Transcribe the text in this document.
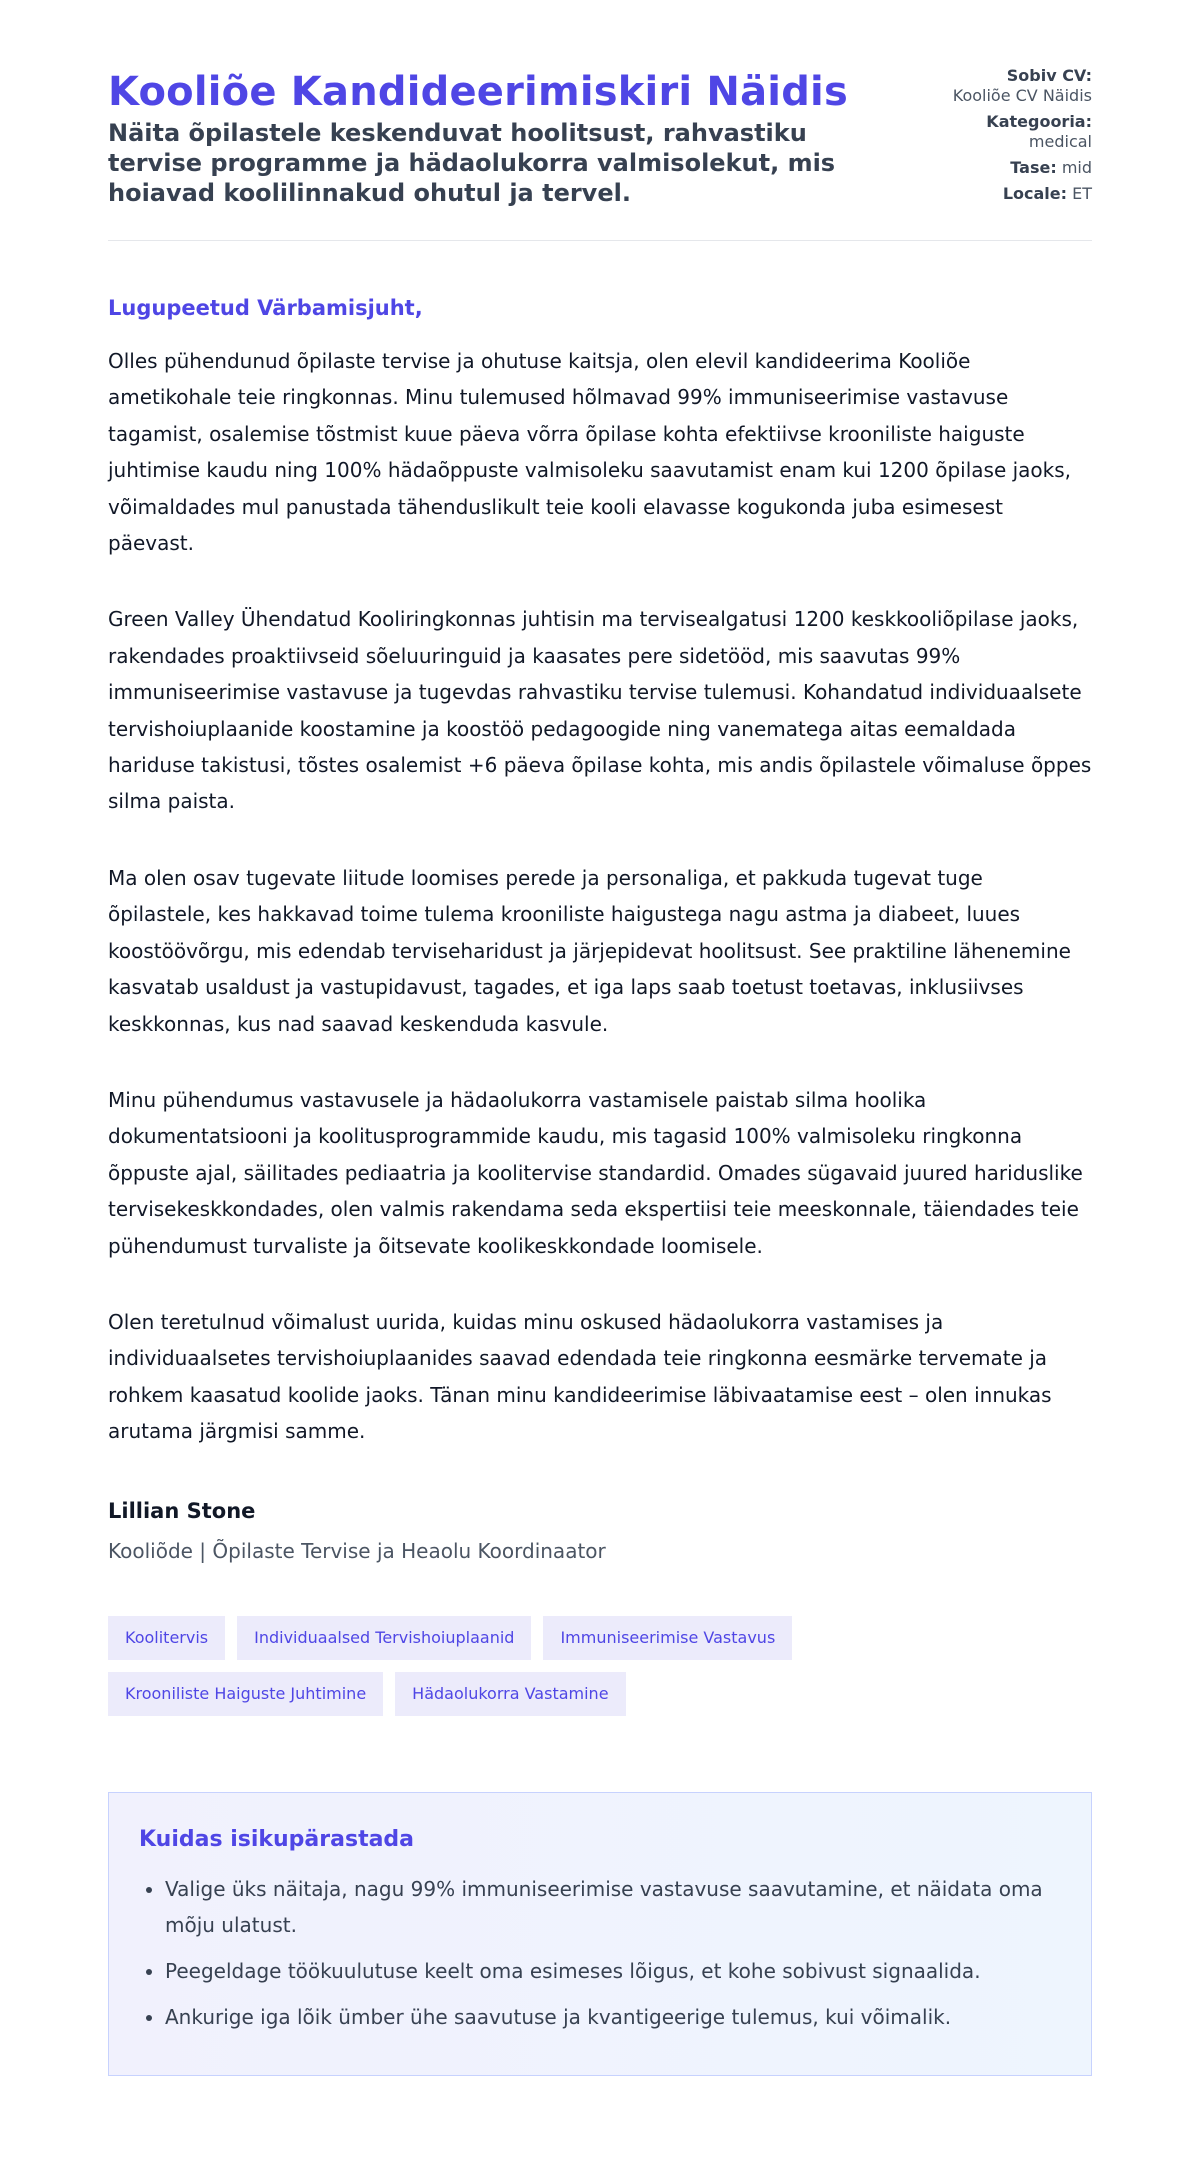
Kooliõe Kandideerimiskiri Näidis
Näita õpilastele keskenduvat hoolitsust, rahvastiku tervise programme ja hädaolukorra valmisolekut, mis hoiavad koolilinnakud ohutul ja tervel.
Sobiv CV:
Kooliõe CV Näidis
Kategooria:
medical
Tase: mid
Locale: ET
Lugupeetud Värbamisjuht,

Olles pühendunud õpilaste tervise ja ohutuse kaitsja, olen elevil kandideerima Kooliõe ametikohale teie ringkonnas. Minu tulemused hõlmavad 99% immuniseerimise vastavuse tagamist, osalemise tõstmist kuue päeva võrra õpilase kohta efektiivse krooniliste haiguste juhtimise kaudu ning 100% hädaõppuste valmisoleku saavutamist enam kui 1200 õpilase jaoks, võimaldades mul panustada tähenduslikult teie kooli elavasse kogukonda juba esimesest päevast.

Green Valley Ühendatud Kooliringkonnas juhtisin ma tervisealgatusi 1200 keskkooliõpilase jaoks, rakendades proaktiivseid sõeluuringuid ja kaasates pere sidetööd, mis saavutas 99% immuniseerimise vastavuse ja tugevdas rahvastiku tervise tulemusi. Kohandatud individuaalsete tervishoiuplaanide koostamine ja koostöö pedagoogide ning vanematega aitas eemaldada hariduse takistusi, tõstes osalemist +6 päeva õpilase kohta, mis andis õpilastele võimaluse õppes silma paista.

Ma olen osav tugevate liitude loomises perede ja personaliga, et pakkuda tugevat tuge õpilastele, kes hakkavad toime tulema krooniliste haigustega nagu astma ja diabeet, luues koostöövõrgu, mis edendab terviseharidust ja järjepidevat hoolitsust. See praktiline lähenemine kasvatab usaldust ja vastupidavust, tagades, et iga laps saab toetust toetavas, inklusiivses keskkonnas, kus nad saavad keskenduda kasvule.

Minu pühendumus vastavusele ja hädaolukorra vastamisele paistab silma hoolika dokumentatsiooni ja koolitusprogrammide kaudu, mis tagasid 100% valmisoleku ringkonna õppuste ajal, säilitades pediaatria ja koolitervise standardid. Omades sügavaid juured hariduslike tervisekeskkondades, olen valmis rakendama seda ekspertiisi teie meeskonnale, täiendades teie pühendumust turvaliste ja õitsevate koolikeskkondade loomisele.

Olen teretulnud võimalust uurida, kuidas minu oskused hädaolukorra vastamises ja individuaalsetes tervishoiuplaanides saavad edendada teie ringkonna eesmärke tervemate ja rohkem kaasatud koolide jaoks. Tänan minu kandideerimise läbivaatamise eest – olen innukas arutama järgmisi samme.

Lillian Stone
Kooliõde | Õpilaste Tervise ja Heaolu Koordinaator
Koolitervis	Individuaalsed Tervishoiuplaanid	Immuniseerimise Vastavus
Krooniliste Haiguste Juhtimine	Hädaolukorra Vastamine
Kuidas isikupärastada
• Valige üks näitaja, nagu 99% immuniseerimise vastavuse saavutamine, et näidata oma mõju ulatust.
• Peegeldage töökuulutuse keelt oma esimeses lõigus, et kohe sobivust signaalida.
• Ankurige iga lõik ümber ühe saavutuse ja kvantigeerige tulemus, kui võimalik.
